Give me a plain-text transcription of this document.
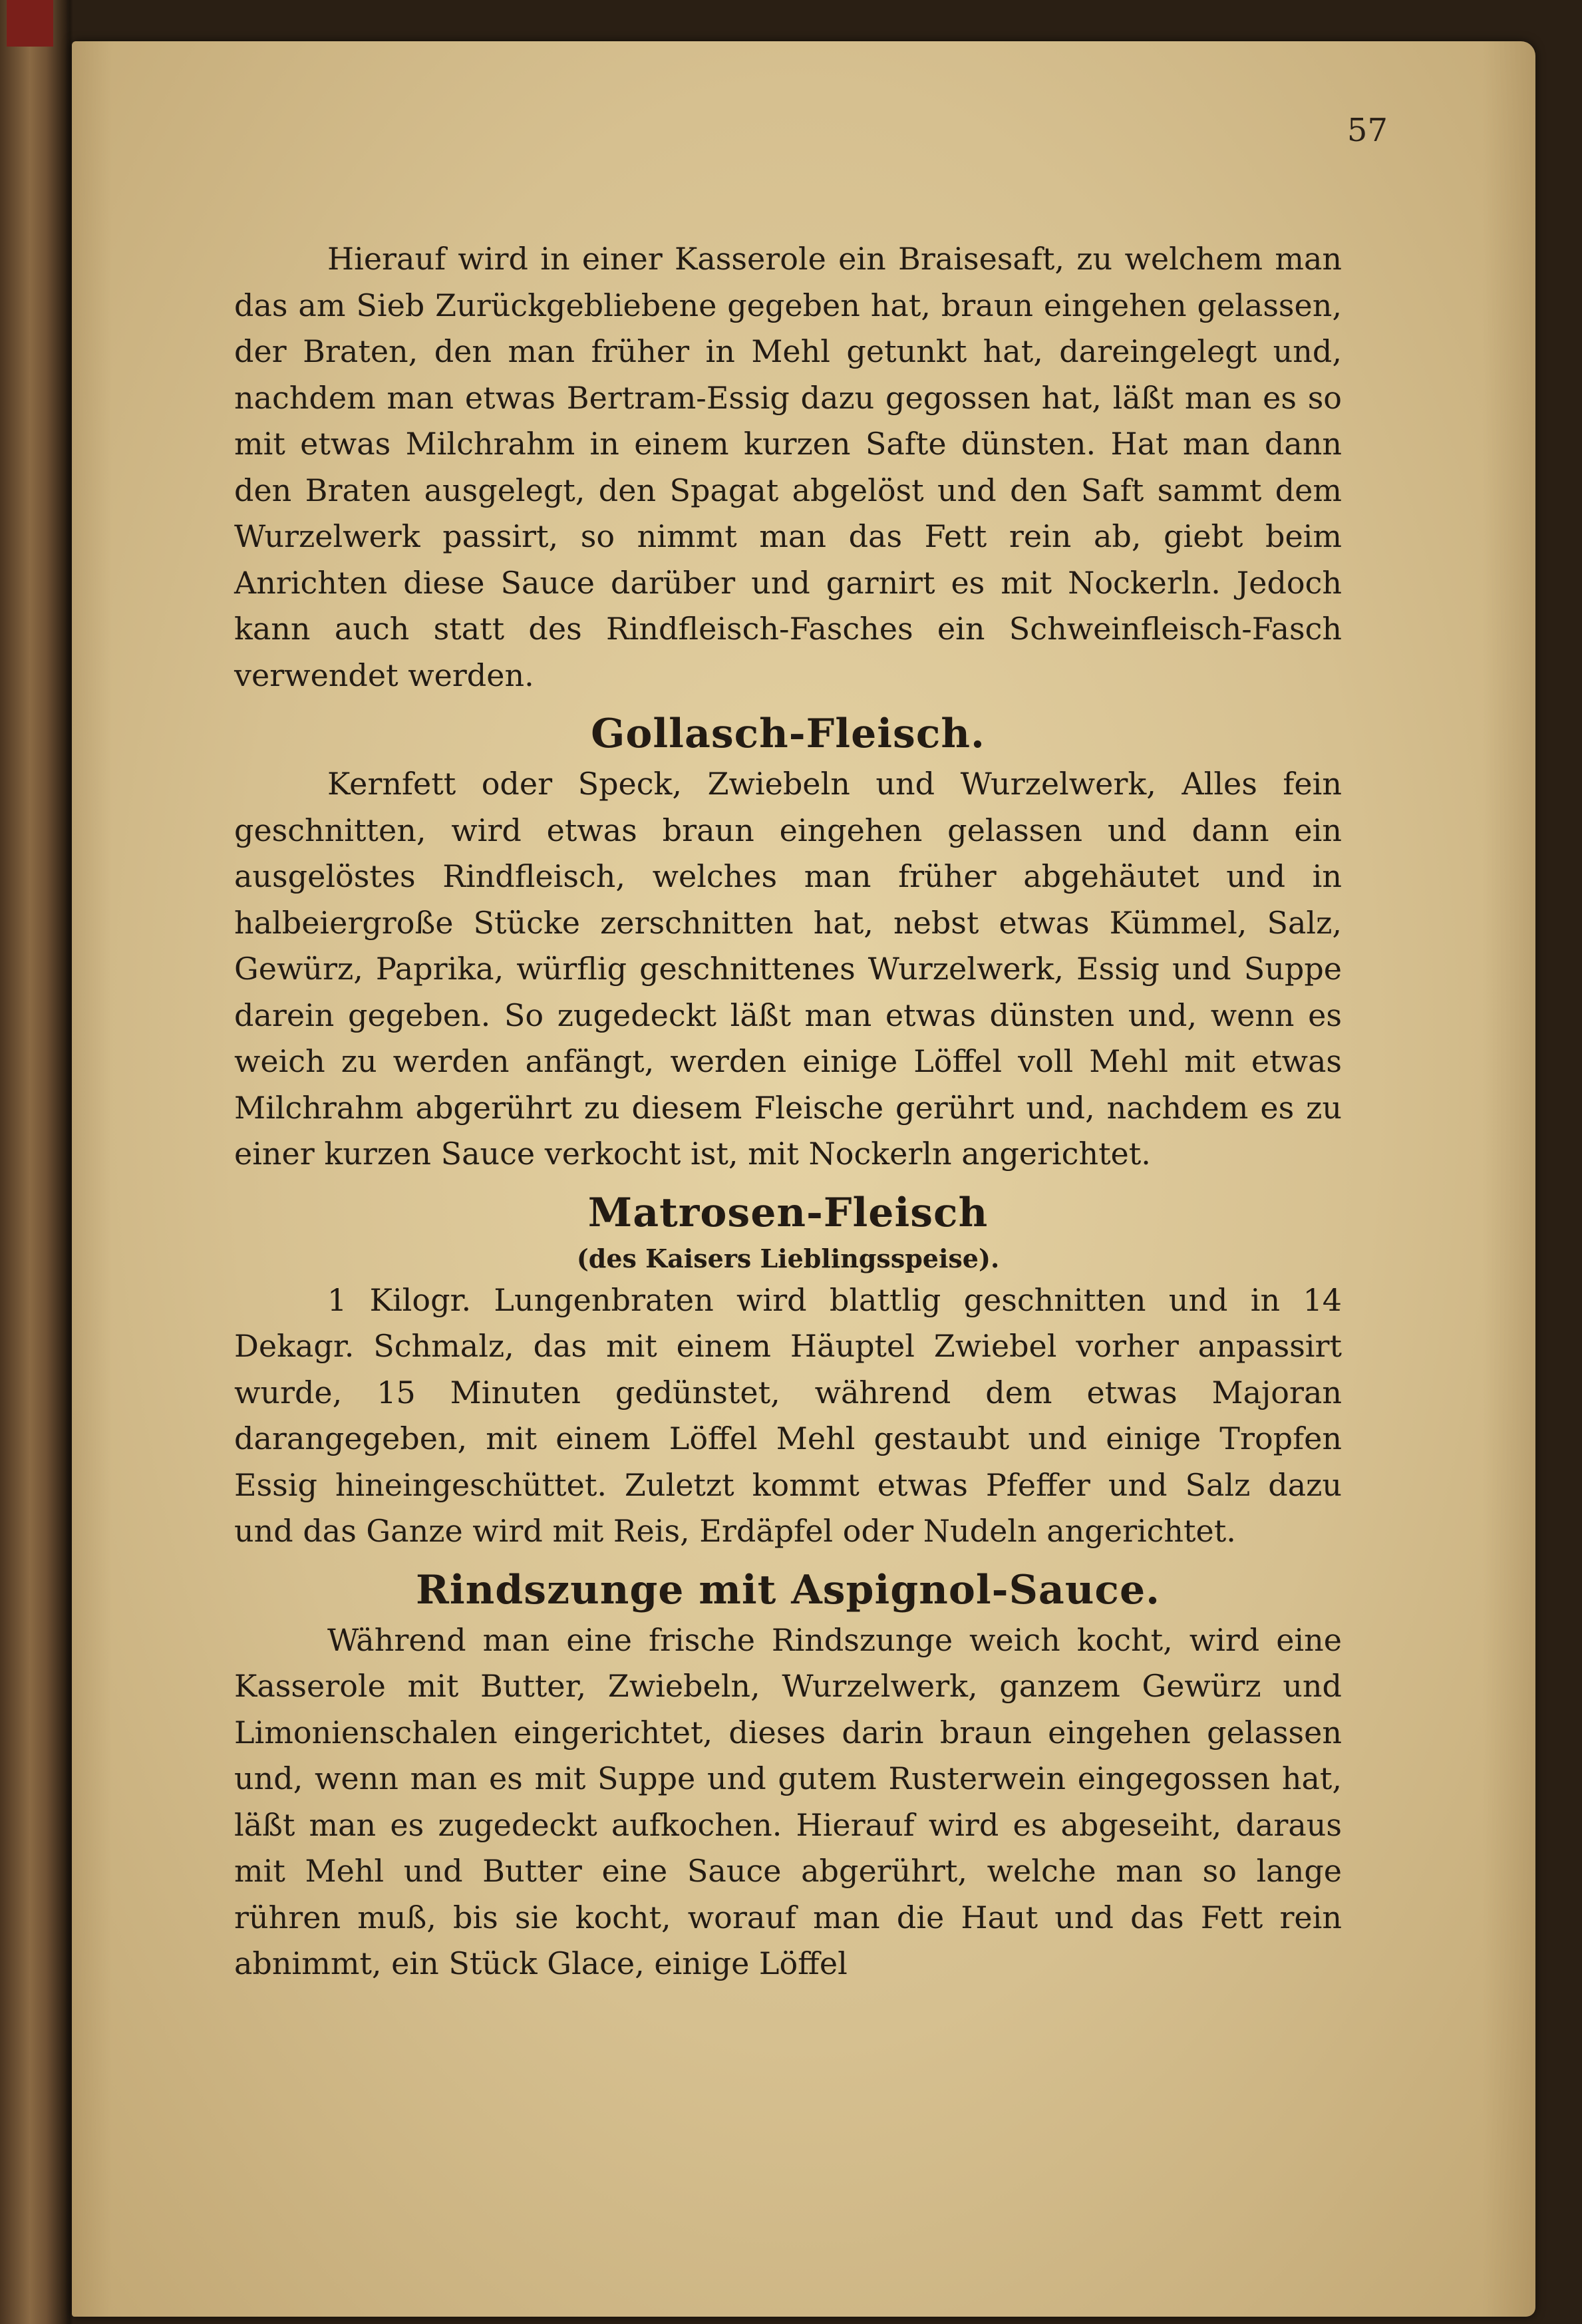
57

Hierauf wird in einer Kasserole ein Braisesaft, zu welchem man das am Sieb Zurückgebliebene gegeben hat, braun eingehen gelassen, der Braten, den man früher in Mehl getunkt hat, dareingelegt und, nachdem man etwas Bertram-Essig dazu gegossen hat, läßt man es so mit etwas Milchrahm in einem kurzen Safte dünsten. Hat man dann den Braten ausgelegt, den Spagat abgelöst und den Saft sammt dem Wurzelwerk passirt, so nimmt man das Fett rein ab, giebt beim Anrichten diese Sauce darüber und garnirt es mit Nockerln. Jedoch kann auch statt des Rindfleisch-Fasches ein Schweinfleisch-Fasch verwendet werden.

Gollasch-Fleisch.

Kernfett oder Speck, Zwiebeln und Wurzelwerk, Alles fein geschnitten, wird etwas braun eingehen gelassen und dann ein ausgelöstes Rindfleisch, welches man früher abgehäutet und in halbeiergroße Stücke zerschnitten hat, nebst etwas Kümmel, Salz, Gewürz, Paprika, würflig geschnittenes Wurzelwerk, Essig und Suppe darein gegeben. So zugedeckt läßt man etwas dünsten und, wenn es weich zu werden anfängt, werden einige Löffel voll Mehl mit etwas Milchrahm abgerührt zu diesem Fleische gerührt und, nachdem es zu einer kurzen Sauce verkocht ist, mit Nockerln angerichtet.

Matrosen-Fleisch
(des Kaisers Lieblingsspeise).

1 Kilogr. Lungenbraten wird blattlig geschnitten und in 14 Dekagr. Schmalz, das mit einem Häuptel Zwiebel vorher anpassirt wurde, 15 Minuten gedünstet, während dem etwas Majoran darangegeben, mit einem Löffel Mehl gestaubt und einige Tropfen Essig hineingeschüttet. Zuletzt kommt etwas Pfeffer und Salz dazu und das Ganze wird mit Reis, Erdäpfel oder Nudeln angerichtet.

Rindszunge mit Aspignol-Sauce.

Während man eine frische Rindszunge weich kocht, wird eine Kasserole mit Butter, Zwiebeln, Wurzelwerk, ganzem Gewürz und Limonienschalen eingerichtet, dieses darin braun eingehen gelassen und, wenn man es mit Suppe und gutem Rusterwein eingegossen hat, läßt man es zugedeckt aufkochen. Hierauf wird es abgeseiht, daraus mit Mehl und Butter eine Sauce abgerührt, welche man so lange rühren muß, bis sie kocht, worauf man die Haut und das Fett rein abnimmt, ein Stück Glace, einige Löffel
